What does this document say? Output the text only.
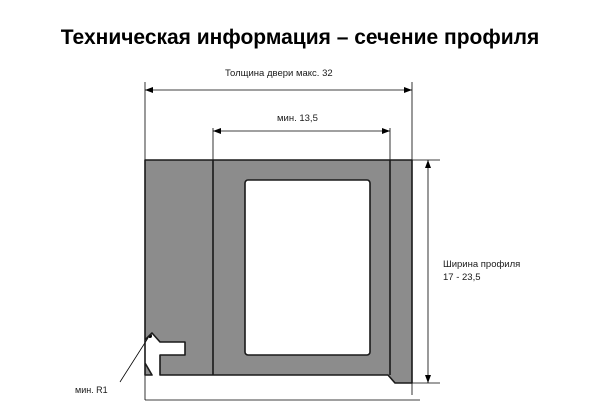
Техническая информация – сечение профиля
Толщина двери макс. 32
мин. 13,5
Ширина профиля
17 - 23,5
мин. R1
